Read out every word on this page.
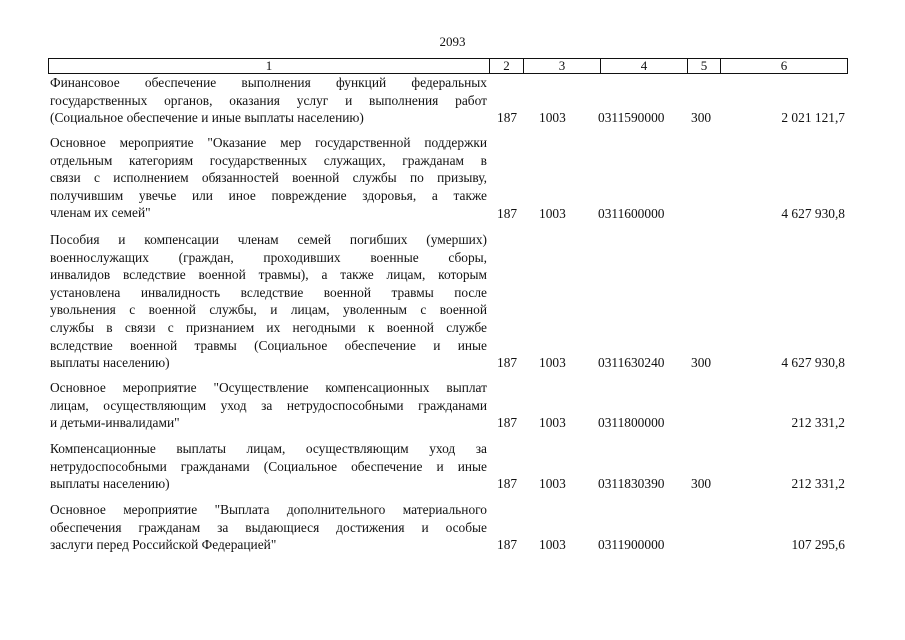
2093
1	2	3	4	5	6
Финансовое обеспечение выполнения функций федеральных
государственных органов, оказания услуг и выполнения работ
(Социальное обеспечение и иные выплаты населению)	187 1003 0311590000 300	2 021 121,7
Основное мероприятие "Оказание мер государственной поддержки
отдельным категориям государственных служащих, гражданам в
связи с исполнением обязанностей военной службы по призыву,
получившим увечье или иное повреждение здоровья, а также
членам их семей"	187 1003 0311600000	4 627 930,8
Пособия и компенсации членам семей погибших (умерших)
военнослужащих (граждан, проходивших военные сборы,
инвалидов вследствие военной травмы), а также лицам, которым
установлена инвалидность вследствие военной травмы после
увольнения с военной службы, и лицам, уволенным с военной
службы в связи с признанием их негодными к военной службе
вследствие военной травмы (Социальное обеспечение и иные
выплаты населению)	187 1003 0311630240 300	4 627 930,8
Основное мероприятие "Осуществление компенсационных выплат
лицам, осуществляющим уход за нетрудоспособными гражданами
и детьми-инвалидами"	187 1003 0311800000	212 331,2
Компенсационные выплаты лицам, осуществляющим уход за
нетрудоспособными гражданами (Социальное обеспечение и иные
выплаты населению)	187 1003 0311830390 300	212 331,2
Основное мероприятие "Выплата дополнительного материального
обеспечения гражданам за выдающиеся достижения и особые
заслуги перед Российской Федерацией"	187 1003 0311900000	107 295,6
